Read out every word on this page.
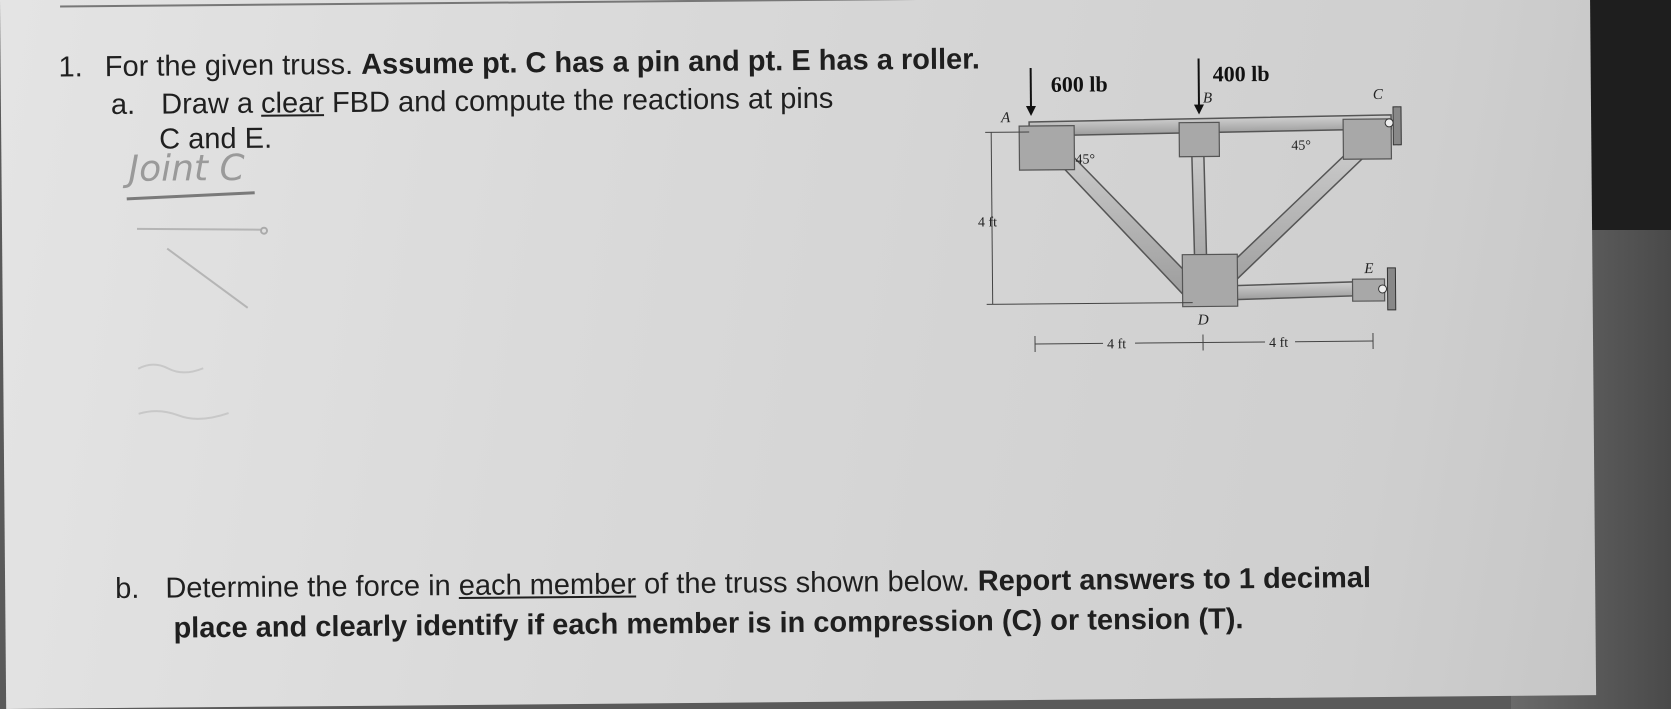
1. For the given truss. Assume pt. C has a pin and pt. E has a roller.
a. Draw a clear FBD and compute the reactions at pins
C and E.
b. Determine the force in each member of the truss shown below. Report answers to 1 decimal
place and clearly identify if each member is in compression (C) or tension (T).
Joint C
600 lb	400 lb
A
B	C
D
E
45°
45°
4 ft
4 ft	4 ft
